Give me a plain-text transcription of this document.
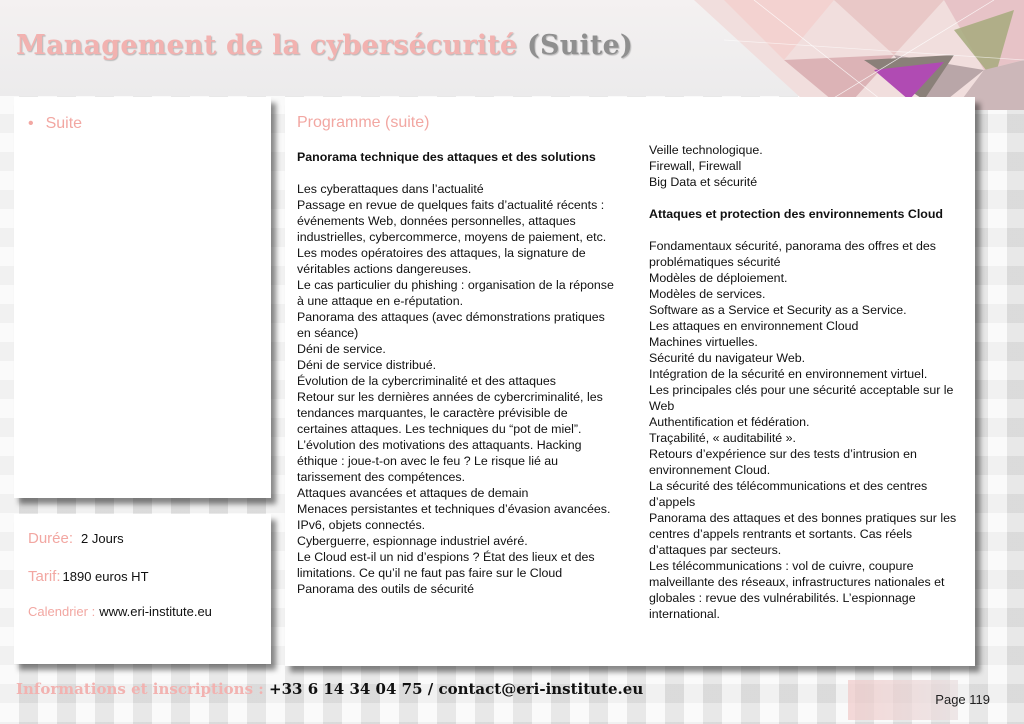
Management de la cybersécurité (Suite)
• Suite
Durée: 2 Jours
Tarif: 1890 euros HT
Calendrier : www.eri-institute.eu
Programme (suite)
Panorama technique des attaques et des solutions
Les cyberattaques dans l’actualité
Passage en revue de quelques faits d’actualité récents : événements Web, données personnelles, attaques industrielles, cybercommerce, moyens de paiement, etc.
Les modes opératoires des attaques, la signature de véritables actions dangereuses.
Le cas particulier du phishing : organisation de la réponse à une attaque en e-réputation.
Panorama des attaques (avec démonstrations pratiques en séance)
Déni de service.
Déni de service distribué.
Évolution de la cybercriminalité et des attaques
Retour sur les dernières années de cybercriminalité, les tendances marquantes, le caractère prévisible de certaines attaques. Les techniques du “pot de miel”.
L’évolution des motivations des attaquants. Hacking éthique : joue-t-on avec le feu ? Le risque lié au tarissement des compétences.
Attaques avancées et attaques de demain
Menaces persistantes et techniques d’évasion avancées.
IPv6, objets connectés.
Cyberguerre, espionnage industriel avéré.
Le Cloud est-il un nid d’espions ? État des lieux et des limitations. Ce qu’il ne faut pas faire sur le Cloud
Panorama des outils de sécurité
Veille technologique.
Firewall, Firewall
Big Data et sécurité
Attaques et protection des environnements Cloud
Fondamentaux sécurité, panorama des offres et des problématiques sécurité
Modèles de déploiement.
Modèles de services.
Software as a Service et Security as a Service.
Les attaques en environnement Cloud
Machines virtuelles.
Sécurité du navigateur Web.
Intégration de la sécurité en environnement virtuel.
Les principales clés pour une sécurité acceptable sur le Web
Authentification et fédération.
Traçabilité, « auditabilité ».
Retours d’expérience sur des tests d’intrusion en environnement Cloud.
La sécurité des télécommunications et des centres d’appels
Panorama des attaques et des bonnes pratiques sur les centres d’appels rentrants et sortants. Cas réels d’attaques par secteurs.
Les télécommunications : vol de cuivre, coupure malveillante des réseaux, infrastructures nationales et globales : revue des vulnérabilités. L’espionnage international.
Informations et inscriptions : +33 6 14 34 04 75 / contact@eri-institute.eu
Page 119
